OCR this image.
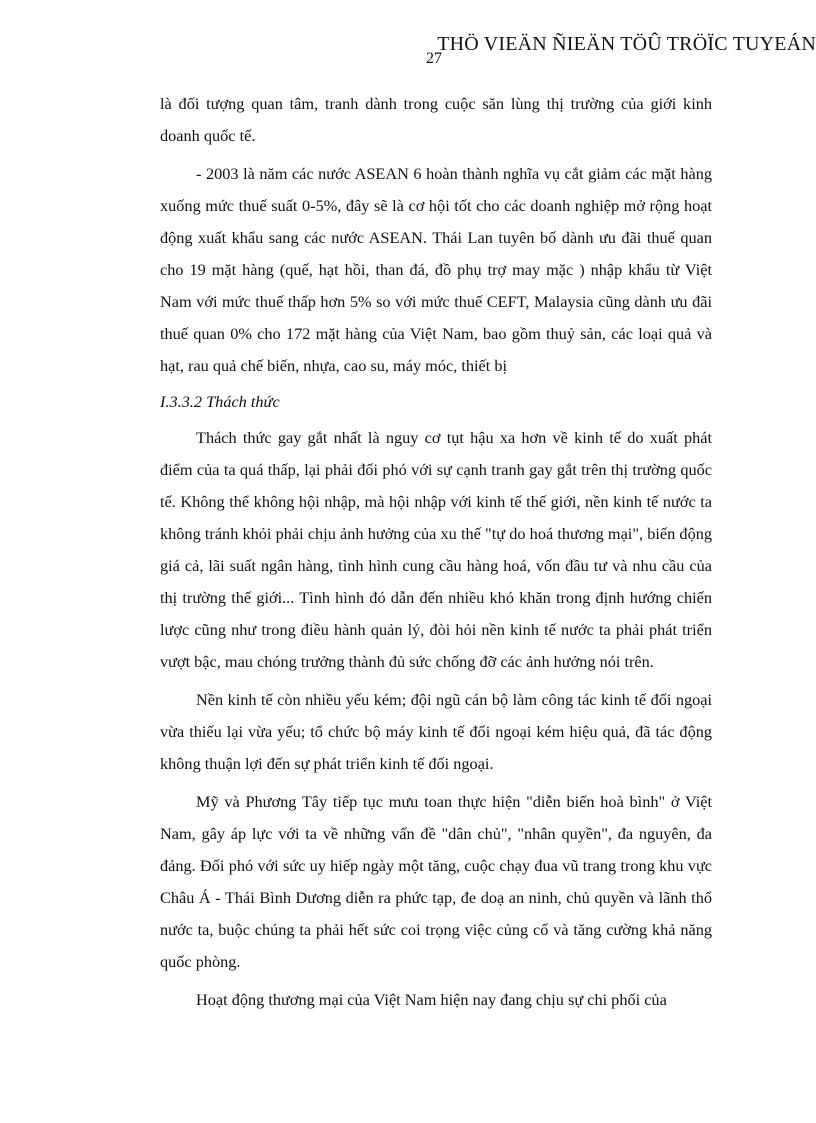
THÖ VIEÄN ÑIEÄN TÖÛ TRÖÏC TUYEÁN
27

là đối tượng quan tâm, tranh dành trong cuộc săn lùng thị trường của giới kinh doanh quốc tế.

- 2003 là năm các nước ASEAN 6 hoàn thành nghĩa vụ cắt giảm các mặt hàng xuống mức thuế suất 0-5%, đây sẽ là cơ hội tốt cho các doanh nghiệp mở rộng hoạt động xuất khẩu sang các nước ASEAN. Thái Lan tuyên bố dành ưu đãi thuế quan cho 19 mặt hàng (quế, hạt hồi, than đá, đồ phụ trợ may mặc ) nhập khẩu từ Việt Nam với mức thuế thấp hơn 5% so với mức thuế CEFT, Malaysia cũng dành ưu đãi thuế quan 0% cho 172 mặt hàng của Việt Nam, bao gồm thuỷ sản, các loại quả và hạt, rau quả chế biến, nhựa, cao su, máy móc, thiết bị

I.3.3.2 Thách thức

Thách thức gay gắt nhất là nguy cơ tụt hậu xa hơn về kinh tế do xuất phát điểm của ta quá thấp, lại phải đối phó với sự cạnh tranh gay gắt trên thị trường quốc tế. Không thể không hội nhập, mà hội nhập với kinh tế thế giới, nền kinh tế nước ta không tránh khỏi phải chịu ảnh hưởng của xu thế "tự do hoá thương mại", biến động giá cả, lãi suất ngân hàng, tình hình cung cầu hàng hoá, vốn đầu tư và nhu cầu của thị trường thế giới... Tình hình đó dẫn đến nhiều khó khăn trong định hướng chiến lược cũng như trong điều hành quản lý, đòi hỏi nền kinh tế nước ta phải phát triển vượt bậc, mau chóng trưởng thành đủ sức chống đỡ các ảnh hưởng nói trên.

Nền kinh tế còn nhiều yếu kém; đội ngũ cán bộ làm công tác kinh tế đối ngoại vừa thiếu lại vừa yếu; tổ chức bộ máy kinh tế đối ngoại kém hiệu quả, đã tác động không thuận lợi đến sự phát triển kinh tế đối ngoại.

Mỹ và Phương Tây tiếp tục mưu toan thực hiện "diễn biến hoà bình" ở Việt Nam, gây áp lực với ta về những vấn đề "dân chủ", "nhân quyền", đa nguyên, đa đảng. Đối phó với sức uy hiếp ngày một tăng, cuộc chạy đua vũ trang trong khu vực Châu Á - Thái Bình Dương diễn ra phức tạp, đe doạ an ninh, chủ quyền và lãnh thổ nước ta, buộc chúng ta phải hết sức coi trọng việc củng cố và tăng cường khả năng quốc phòng.

Hoạt động thương mại của Việt Nam hiện nay đang chịu sự chi phối của
